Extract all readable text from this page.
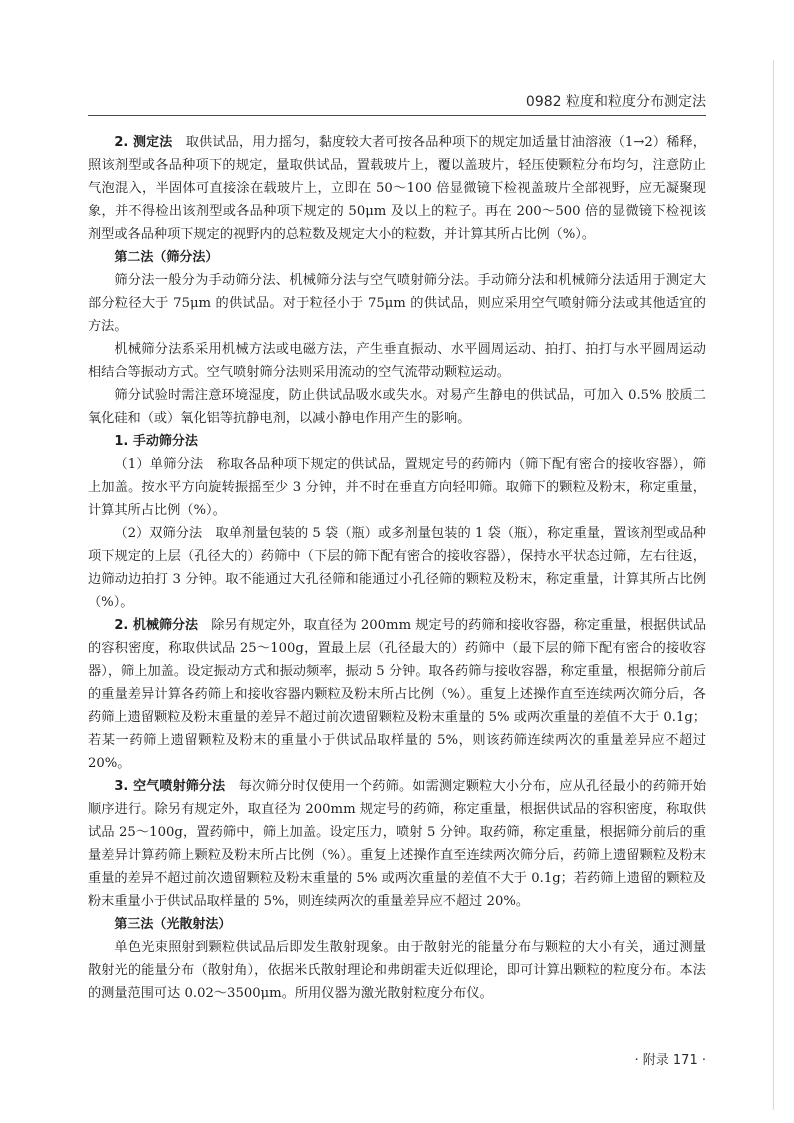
0982 粒度和粒度分布测定法

2. 测定法　 取供试品，用力摇匀，黏度较大者可按各品种项下的规定加适量甘油溶液（1→2）稀释，照该剂型或各品种项下的规定，量取供试品，置载玻片上，覆以盖玻片，轻压使颗粒分布均匀，注意防止气泡混入，半固体可直接涂在载玻片上，立即在 50～100 倍显微镜下检视盖玻片全部视野，应无凝聚现象，并不得检出该剂型或各品种项下规定的 50μm 及以上的粒子。再在 200～500 倍的显微镜下检视该剂型或各品种项下规定的视野内的总粒数及规定大小的粒数，并计算其所占比例（%）。

第二法（筛分法）

筛分法一般分为手动筛分法、机械筛分法与空气喷射筛分法。手动筛分法和机械筛分法适用于测定大部分粒径大于 75μm 的供试品。对于粒径小于 75μm 的供试品，则应采用空气喷射筛分法或其他适宜的方法。

机械筛分法系采用机械方法或电磁方法，产生垂直振动、水平圆周运动、拍打、拍打与水平圆周运动相结合等振动方式。空气喷射筛分法则采用流动的空气流带动颗粒运动。

筛分试验时需注意环境湿度，防止供试品吸水或失水。对易产生静电的供试品，可加入 0.5% 胶质二氧化硅和（或）氧化铝等抗静电剂，以减小静电作用产生的影响。

1. 手动筛分法

（1）单筛分法　称取各品种项下规定的供试品，置规定号的药筛内（筛下配有密合的接收容器），筛上加盖。按水平方向旋转振摇至少 3 分钟，并不时在垂直方向轻叩筛。取筛下的颗粒及粉末，称定重量，计算其所占比例（%）。

（2）双筛分法　取单剂量包装的 5 袋（瓶）或多剂量包装的 1 袋（瓶），称定重量，置该剂型或品种项下规定的上层（孔径大的）药筛中（下层的筛下配有密合的接收容器），保持水平状态过筛，左右往返，边筛动边拍打 3 分钟。取不能通过大孔径筛和能通过小孔径筛的颗粒及粉末，称定重量，计算其所占比例（%）。

2. 机械筛分法　 除另有规定外，取直径为 200mm 规定号的药筛和接收容器，称定重量，根据供试品的容积密度，称取供试品 25～100g，置最上层（孔径最大的）药筛中（最下层的筛下配有密合的接收容器），筛上加盖。设定振动方式和振动频率，振动 5 分钟。取各药筛与接收容器，称定重量，根据筛分前后的重量差异计算各药筛上和接收容器内颗粒及粉末所占比例（%）。重复上述操作直至连续两次筛分后，各药筛上遗留颗粒及粉末重量的差异不超过前次遗留颗粒及粉末重量的 5% 或两次重量的差值不大于 0.1g；若某一药筛上遗留颗粒及粉末的重量小于供试品取样量的 5%，则该药筛连续两次的重量差异应不超过 20%。

3. 空气喷射筛分法　 每次筛分时仅使用一个药筛。如需测定颗粒大小分布，应从孔径最小的药筛开始顺序进行。除另有规定外，取直径为 200mm 规定号的药筛，称定重量，根据供试品的容积密度，称取供试品 25～100g，置药筛中，筛上加盖。设定压力，喷射 5 分钟。取药筛，称定重量，根据筛分前后的重量差异计算药筛上颗粒及粉末所占比例（%）。重复上述操作直至连续两次筛分后，药筛上遗留颗粒及粉末重量的差异不超过前次遗留颗粒及粉末重量的 5% 或两次重量的差值不大于 0.1g；若药筛上遗留的颗粒及粉末重量小于供试品取样量的 5%，则连续两次的重量差异应不超过 20%。

第三法（光散射法）

单色光束照射到颗粒供试品后即发生散射现象。由于散射光的能量分布与颗粒的大小有关，通过测量散射光的能量分布（散射角），依据米氏散射理论和弗朗霍夫近似理论，即可计算出颗粒的粒度分布。本法的测量范围可达 0.02～3500μm。所用仪器为激光散射粒度分布仪。

· 附录 171 ·
